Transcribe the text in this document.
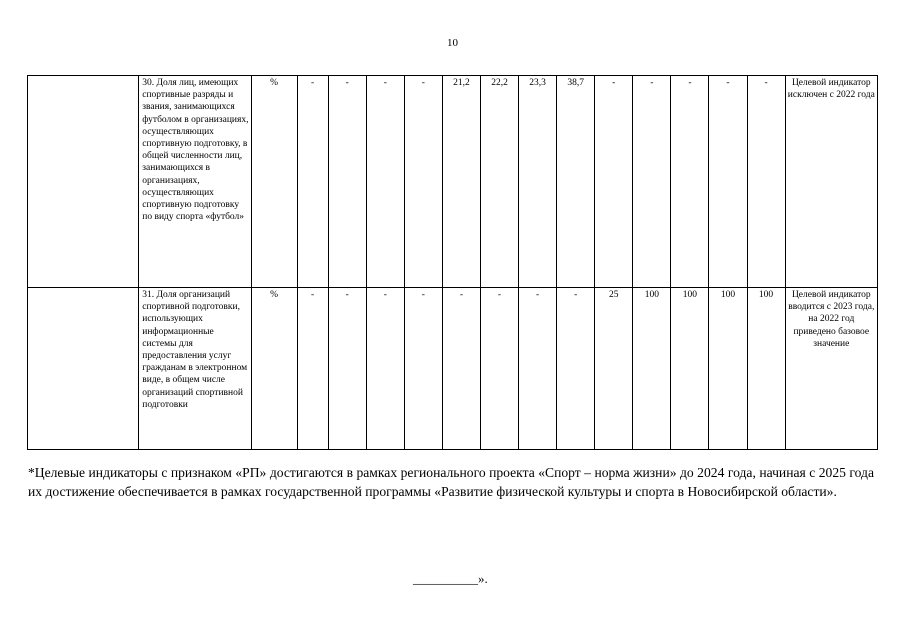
10
	30. Доля лиц, имеющих спортивные разряды и звания, занимающихся футболом в организациях, осуществляющих спортивную подготовку, в общей численности лиц, занимающихся в организациях, осуществляющих спортивную подготовку по виду спорта «футбол»	%	-	-	-	-	21,2	22,2	23,3	38,7	-	-	-	-	-	Целевой индикатор исключен с 2022 года
	31. Доля организаций спортивной подготовки, использующих информационные системы для предоставления услуг гражданам в электронном виде, в общем числе организаций спортивной подготовки	%	-	-	-	-	-	-	-	-	25	100	100	100	100	Целевой индикатор вводится с 2023 года, на 2022 год приведено базовое значение

*Целевые индикаторы с признаком «РП» достигаются в рамках регионального проекта «Спорт – норма жизни» до 2024 года, начиная с 2025 года их достижение обеспечивается в рамках государственной программы «Развитие физической культуры и спорта в Новосибирской области».

__________».
